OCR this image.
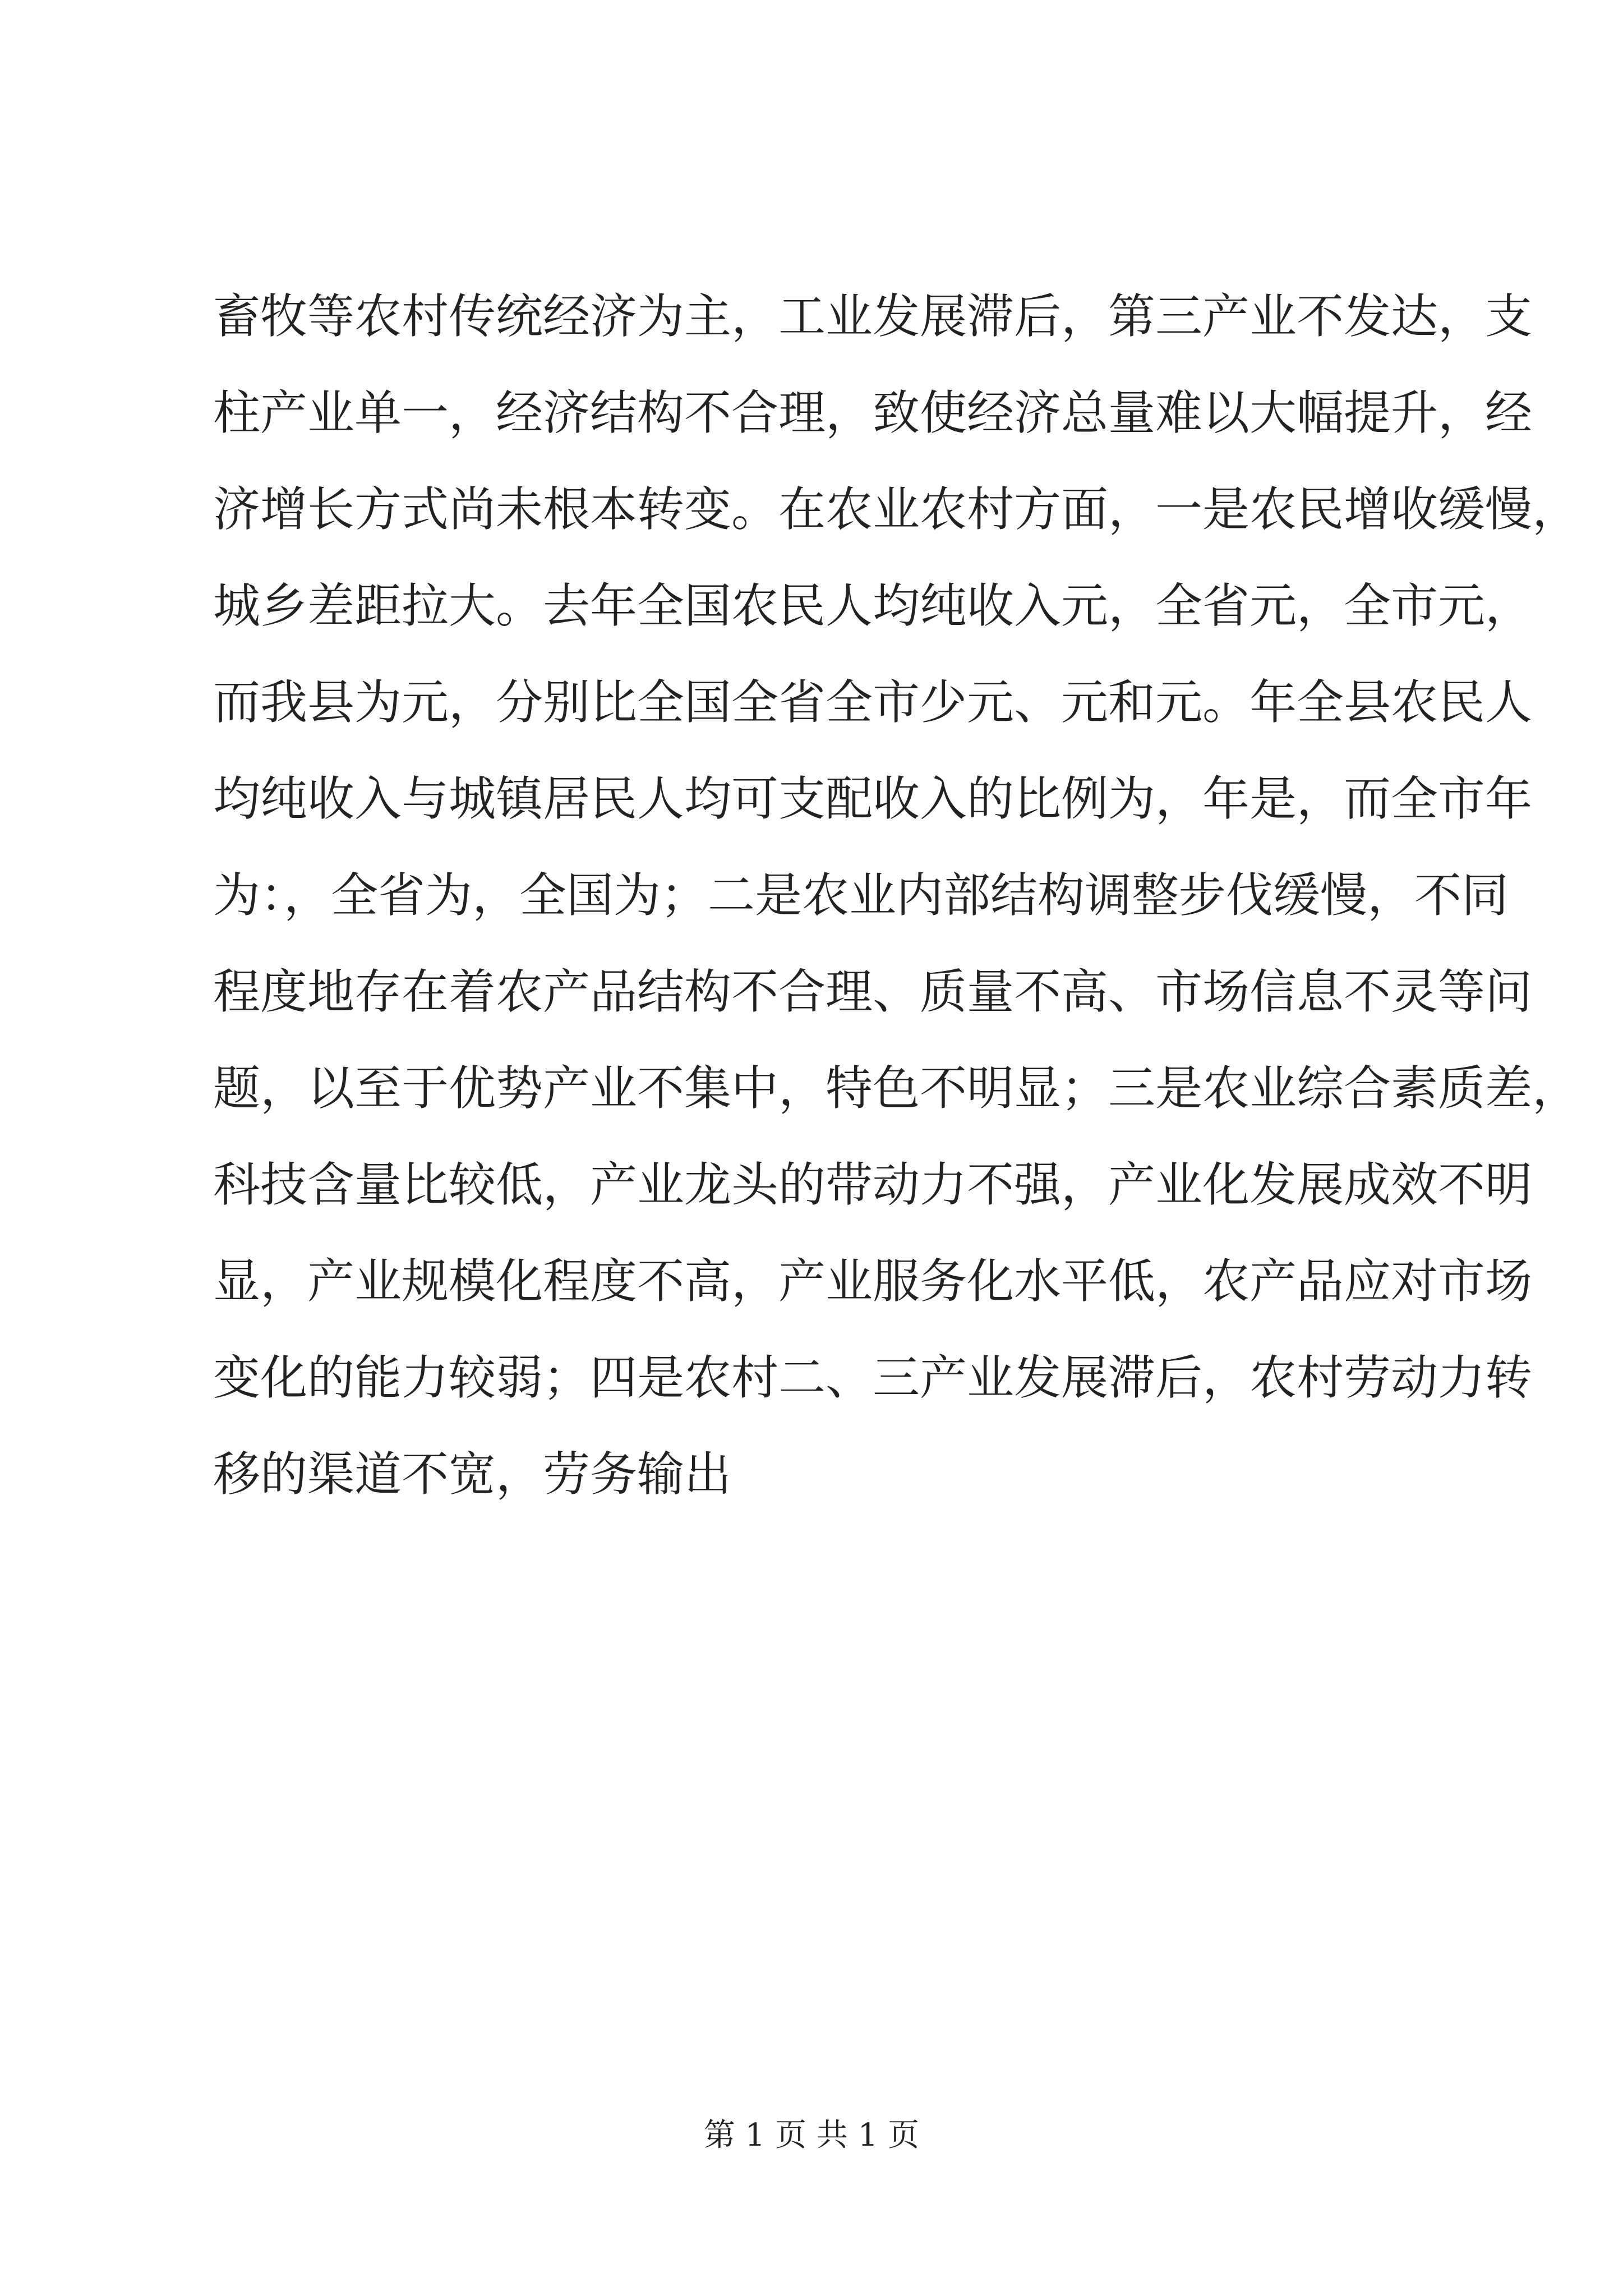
畜牧等农村传统经济为主，工业发展滞后，第三产业不发达，支
柱产业单一，经济结构不合理，致使经济总量难以大幅提升，经
济增长方式尚未根本转变。在农业农村方面，一是农民增收缓慢，
城乡差距拉大。去年全国农民人均纯收入元，全省元，全市元，
而我县为元，分别比全国全省全市少元、元和元。年全县农民人
均纯收入与城镇居民人均可支配收入的比例为，年是，而全市年
为：，全省为，全国为；二是农业内部结构调整步伐缓慢，不同
程度地存在着农产品结构不合理、质量不高、市场信息不灵等问
题，以至于优势产业不集中，特色不明显；三是农业综合素质差，
科技含量比较低，产业龙头的带动力不强，产业化发展成效不明
显，产业规模化程度不高，产业服务化水平低，农产品应对市场
变化的能力较弱；四是农村二、三产业发展滞后，农村劳动力转
移的渠道不宽，劳务输出
第 1 页 共 1 页
